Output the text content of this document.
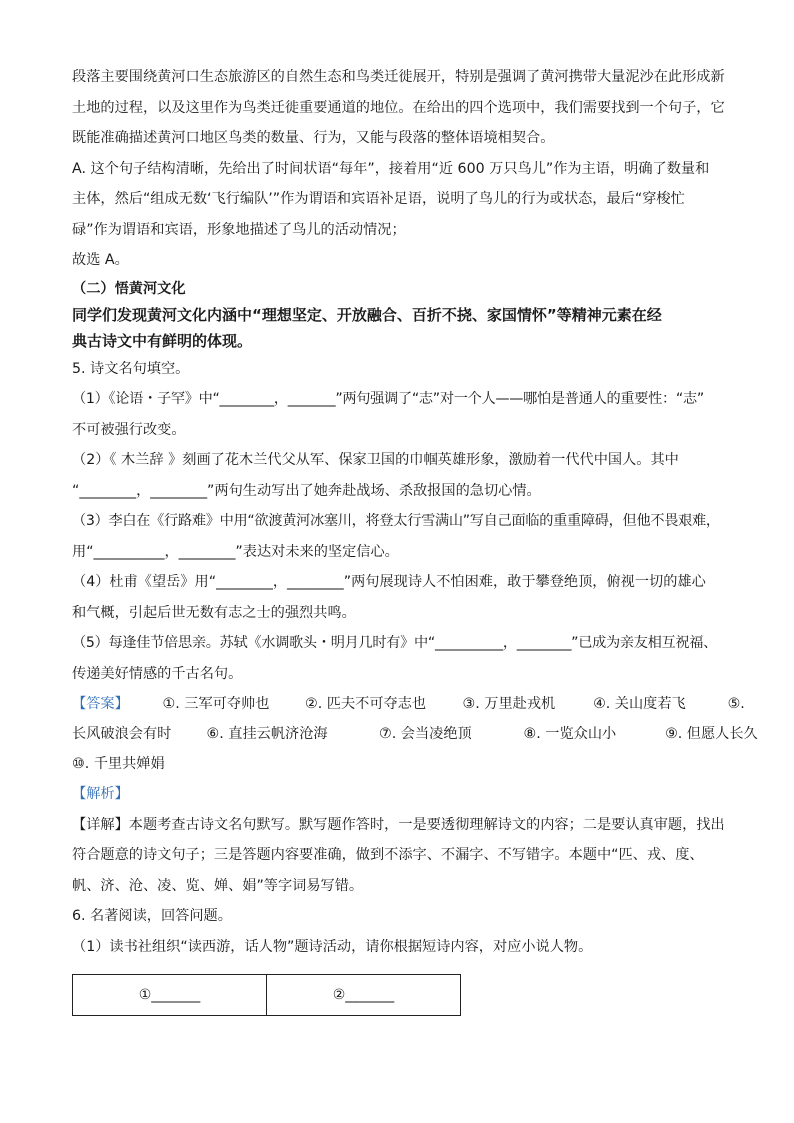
段落主要围绕黄河口生态旅游区的自然生态和鸟类迁徙展开，特别是强调了黄河携带大量泥沙在此形成新

土地的过程，以及这里作为鸟类迁徙重要通道的地位。在给出的四个选项中，我们需要找到一个句子，它

既能准确描述黄河口地区鸟类的数量、行为，又能与段落的整体语境相契合。

A. 这个句子结构清晰，先给出了时间状语“每年”，接着用“近 600 万只鸟儿”作为主语，明确了数量和

主体，然后“组成无数‘飞行编队’”作为谓语和宾语补足语，说明了鸟儿的行为或状态，最后“穿梭忙

碌”作为谓语和宾语，形象地描述了鸟儿的活动情况；

故选 A。

（二）悟黄河文化

同学们发现黄河文化内涵中“理想坚定、开放融合、百折不挠、家国情怀”等精神元素在经

典古诗文中有鲜明的体现。

5. 诗文名句填空。

（1）《论语・子罕》中“________，_______”两句强调了“志”对一个人——哪怕是普通人的重要性：“志”

不可被强行改变。

（2）《 木兰辞 》刻画了花木兰代父从军、保家卫国的巾帼英雄形象，激励着一代代中国人。其中

“________，________”两句生动写出了她奔赴战场、杀敌报国的急切心情。

（3）李白在《行路难》中用“欲渡黄河冰塞川，将登太行雪满山”写自己面临的重重障碍，但他不畏艰难，

用“__________，________”表达对未来的坚定信心。

（4）杜甫《望岳》用“________，________”两句展现诗人不怕困难，敢于攀登绝顶，俯视一切的雄心

和气概，引起后世无数有志之士的强烈共鸣。

（5）每逢佳节倍思亲。苏轼《水调歌头・明月几时有》中“__________，________”已成为亲友相互祝福、

传递美好情感的千古名句。

【答案】 ①. 三军可夺帅也	②. 匹夫不可夺志也	③. 万里赴戎机	④. 关山度若飞	⑤.
长风破浪会有时 ⑥. 直挂云帆济沧海	⑦. 会当凌绝顶	⑧. 一览众山小	⑨. 但愿人长久
⑩. 千里共婵娟

【解析】

【详解】本题考查古诗文名句默写。默写题作答时，一是要透彻理解诗文的内容；二是要认真审题，找出

符合题意的诗文句子；三是答题内容要准确，做到不添字、不漏字、不写错字。本题中“匹、戎、度、

帆、济、沧、凌、览、婵、娟”等字词易写错。

6. 名著阅读，回答问题。

（1）读书社组织“读西游，话人物”题诗活动，请你根据短诗内容，对应小说人物。

①_______	②_______
